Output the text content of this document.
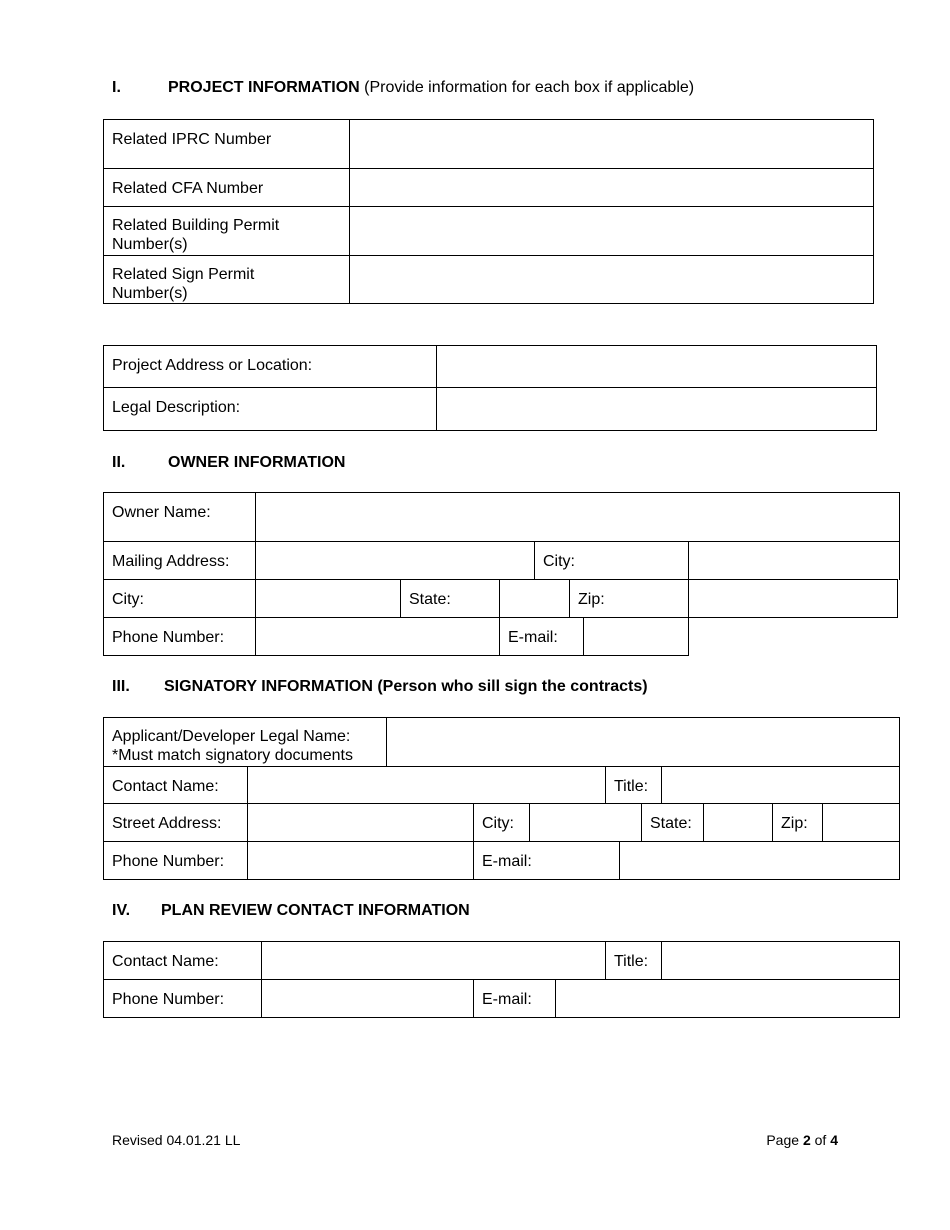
I.	PROJECT INFORMATION (Provide information for each box if applicable)
Related IPRC Number
Related CFA Number
Related Building Permit
Number(s)
Related Sign Permit
Number(s)
Project Address or Location:
Legal Description:
II.	OWNER INFORMATION
Owner Name:
Mailing Address:	City:
City:	State:	Zip:
Phone Number:	E-mail:
III. SIGNATORY INFORMATION (Person who sill sign the contracts)
Applicant/Developer Legal Name:
*Must match signatory documents
Contact Name:	Title:
Street Address:	City:	State:	Zip:
Phone Number:	E-mail:
IV. PLAN REVIEW CONTACT INFORMATION
Contact Name:	Title:
Phone Number:	E-mail:
Revised 04.01.21 LL	Page 2 of 4
